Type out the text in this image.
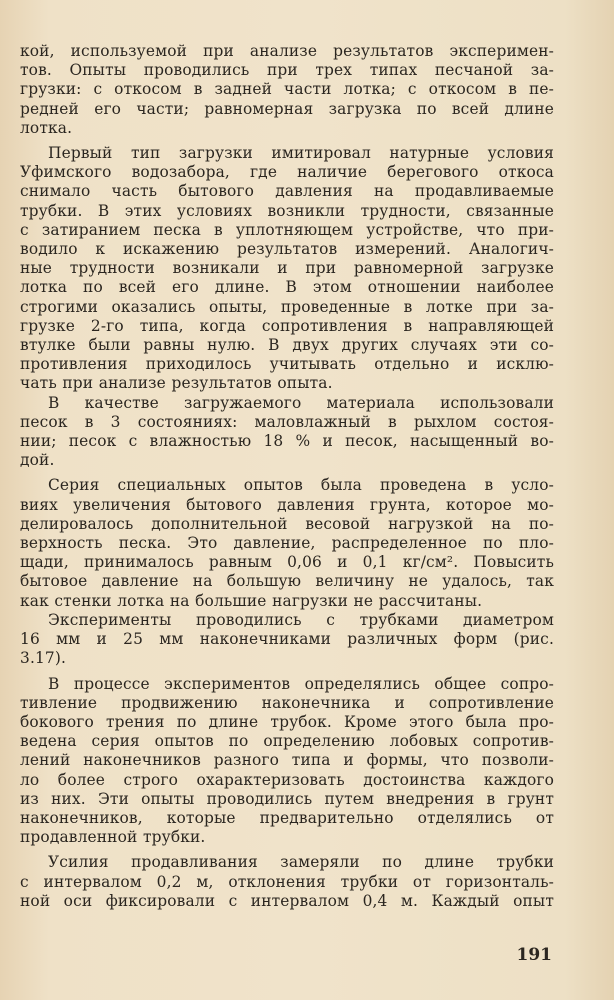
кой, используемой при анализе результатов эксперимен-
тов. Опыты проводились при трех типах песчаной за-
грузки: с откосом в задней части лотка; с откосом в пе-
редней его части; равномерная загрузка по всей длине
лотка.

Первый тип загрузки имитировал натурные условия
Уфимского водозабора, где наличие берегового откоса
снимало часть бытового давления на продавливаемые
трубки. В этих условиях возникли трудности, связанные
с затиранием песка в уплотняющем устройстве, что при-
водило к искажению результатов измерений. Аналогич-
ные трудности возникали и при равномерной загрузке
лотка по всей его длине. В этом отношении наиболее
строгими оказались опыты, проведенные в лотке при за-
грузке 2-го типа, когда сопротивления в направляющей
втулке были равны нулю. В двух других случаях эти со-
противления приходилось учитывать отдельно и исклю-
чать при анализе результатов опыта.

В качестве загружаемого материала использовали
песок в 3 состояниях: маловлажный в рыхлом состоя-
нии; песок с влажностью 18 % и песок, насыщенный во-
дой.

Серия специальных опытов была проведена в усло-
виях увеличения бытового давления грунта, которое мо-
делировалось дополнительной весовой нагрузкой на по-
верхность песка. Это давление, распределенное по пло-
щади, принималось равным 0,06 и 0,1 кг/см². Повысить
бытовое давление на большую величину не удалось, так
как стенки лотка на большие нагрузки не рассчитаны.

Эксперименты проводились с трубками диаметром
16 мм и 25 мм наконечниками различных форм (рис.
3.17).

В процессе экспериментов определялись общее сопро-
тивление продвижению наконечника и сопротивление
бокового трения по длине трубок. Кроме этого была про-
ведена серия опытов по определению лобовых сопротив-
лений наконечников разного типа и формы, что позволи-
ло более строго охарактеризовать достоинства каждого
из них. Эти опыты проводились путем внедрения в грунт
наконечников, которые предварительно отделялись от
продавленной трубки.

Усилия продавливания замеряли по длине трубки
с интервалом 0,2 м, отклонения трубки от горизонталь-
ной оси фиксировали с интервалом 0,4 м. Каждый опыт

191
